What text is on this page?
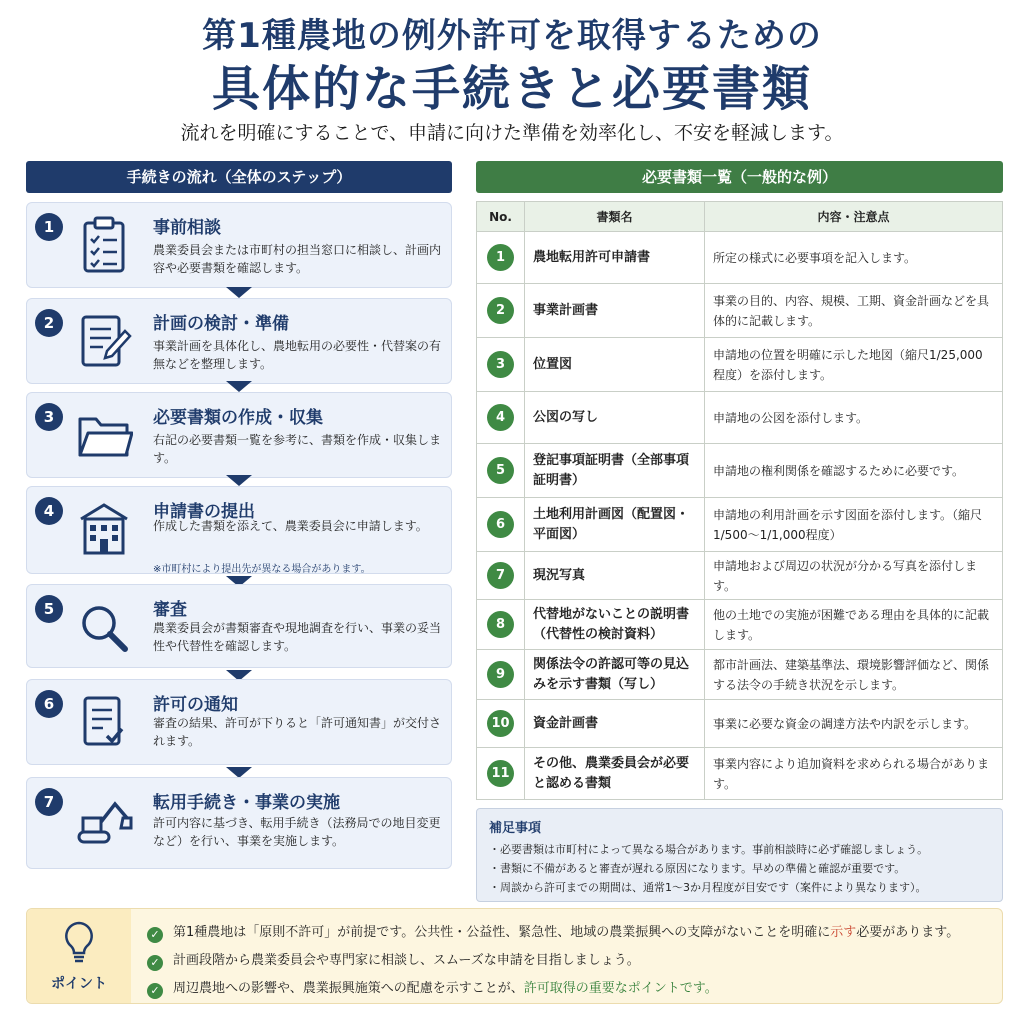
第1種農地の例外許可を取得するための
具体的な手続きと必要書類
流れを明確にすることで、申請に向けた準備を効率化し、不安を軽減します。
手続きの流れ（全体のステップ）
1	事前相談
農業委員会または市町村の担当窓口に相談し、計画内容や必要書類を確認します。
2	計画の検討・準備
事業計画を具体化し、農地転用の必要性・代替案の有無などを整理します。
3	必要書類の作成・収集
右記の必要書類一覧を参考に、書類を作成・収集します。
4	申請書の提出
作成した書類を添えて、農業委員会に申請します。
※市町村により提出先が異なる場合があります。
5	審査
農業委員会が書類審査や現地調査を行い、事業の妥当性や代替性を確認します。
6	許可の通知
審査の結果、許可が下りると「許可通知書」が交付されます。
7	転用手続き・事業の実施
許可内容に基づき、転用手続き（法務局での地目変更など）を行い、事業を実施します。
必要書類一覧（一般的な例）
No.	書類名	内容・注意点
1	農地転用許可申請書	所定の様式に必要事項を記入します。
2	事業計画書	事業の目的、内容、規模、工期、資金計画などを具体的に記載します。
3	位置図	申請地の位置を明確に示した地図（縮尺1/25,000程度）を添付します。
4	公図の写し	申請地の公図を添付します。
5	登記事項証明書（全部事項証明書）	申請地の権利関係を確認するために必要です。
6	土地利用計画図（配置図・平面図）	申請地の利用計画を示す図面を添付します。（縮尺1/500〜1/1,000程度）
7	現況写真	申請地および周辺の状況が分かる写真を添付します。
8	代替地がないことの説明書（代替性の検討資料）	他の土地での実施が困難である理由を具体的に記載します。
9	関係法令の許認可等の見込みを示す書類（写し）	都市計画法、建築基準法、環境影響評価など、関係する法令の手続き状況を示します。
10	資金計画書	事業に必要な資金の調達方法や内訳を示します。
11	その他、農業委員会が必要と認める書類	事業内容により追加資料を求められる場合があります。
補足事項
・必要書類は市町村によって異なる場合があります。事前相談時に必ず確認しましょう。
・書類に不備があると審査が遅れる原因になります。早めの準備と確認が重要です。
・周談から許可までの期間は、通常1〜3か月程度が目安です（案件により異なります）。
ポイント
✓ 第1種農地は「原則不許可」が前提です。公共性・公益性、緊急性、地域の農業振興への支障がないことを明確に示す必要があります。
✓ 計画段階から農業委員会や専門家に相談し、スムーズな申請を目指しましょう。
✓ 周辺農地への影響や、農業振興施策への配慮を示すことが、許可取得の重要なポイントです。
